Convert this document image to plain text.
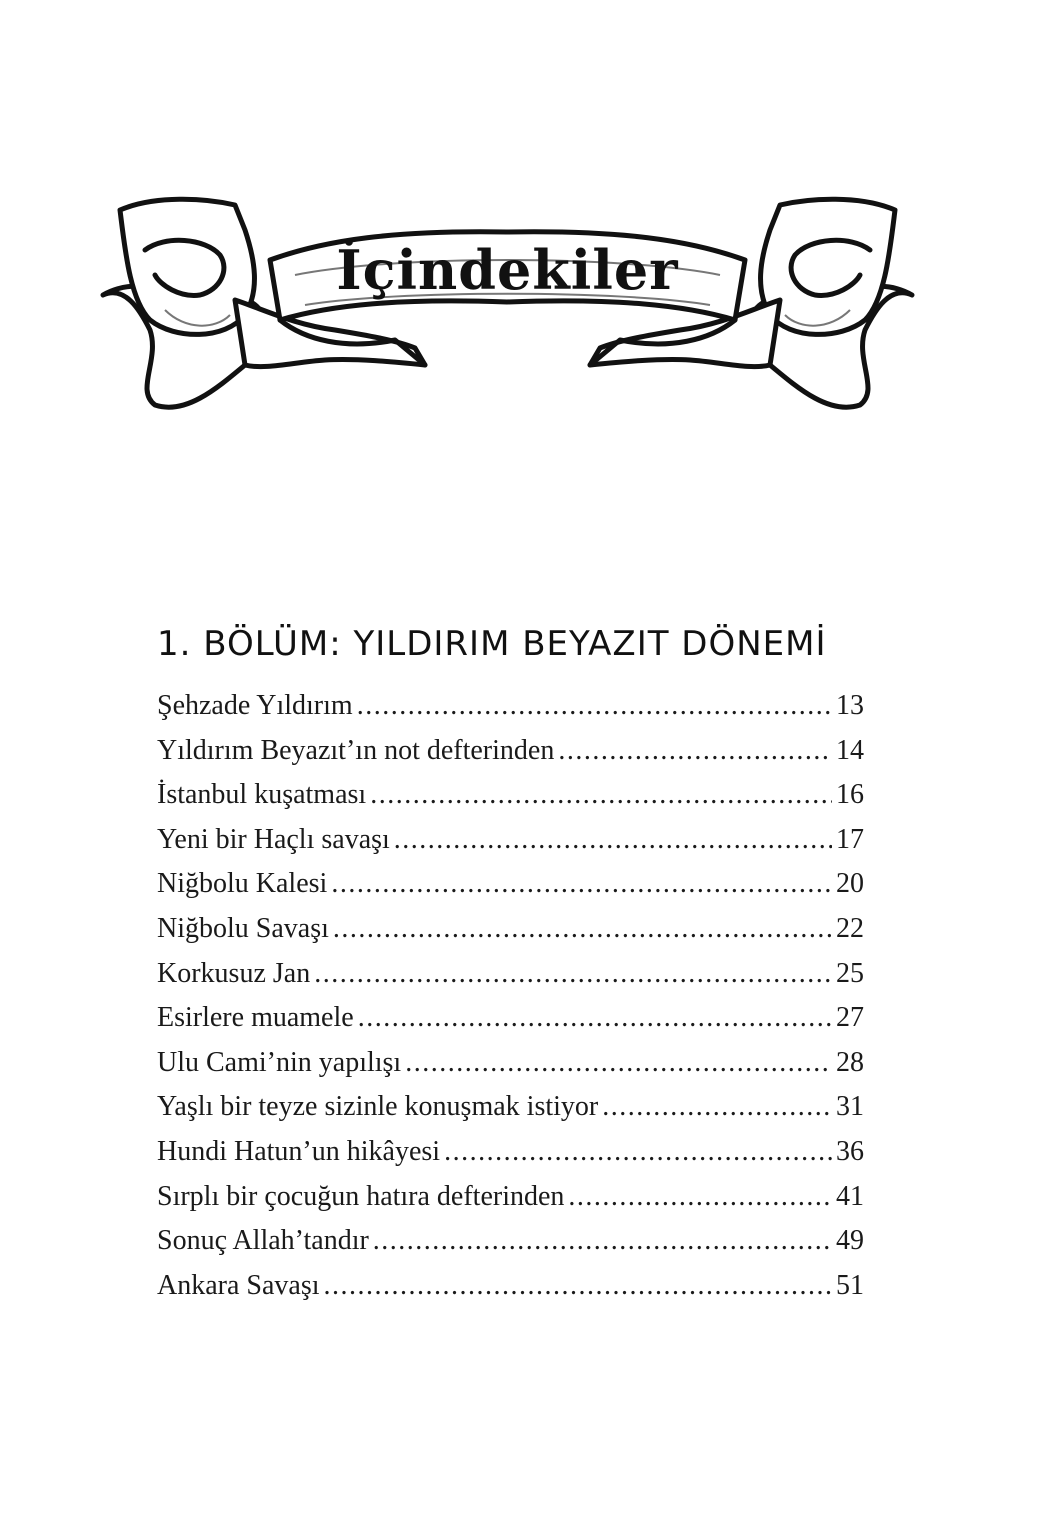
İçindekiler
1. BÖLÜM: YILDIRIM BEYAZIT DÖNEMİ
Şehzade Yıldırım .....	13
Yıldırım Beyazıt’ın not defterinden .....	14
İstanbul kuşatması .....	16
Yeni bir Haçlı savaşı .....	17
Niğbolu Kalesi .....	20
Niğbolu Savaşı .....	22
Korkusuz Jan .....	25
Esirlere muamele .....	27
Ulu Cami’nin yapılışı .....	28
Yaşlı bir teyze sizinle konuşmak istiyor .....	31
Hundi Hatun’un hikâyesi .....	36
Sırplı bir çocuğun hatıra defterinden .....	41
Sonuç Allah’tandır .....	49
Ankara Savaşı .....	51
